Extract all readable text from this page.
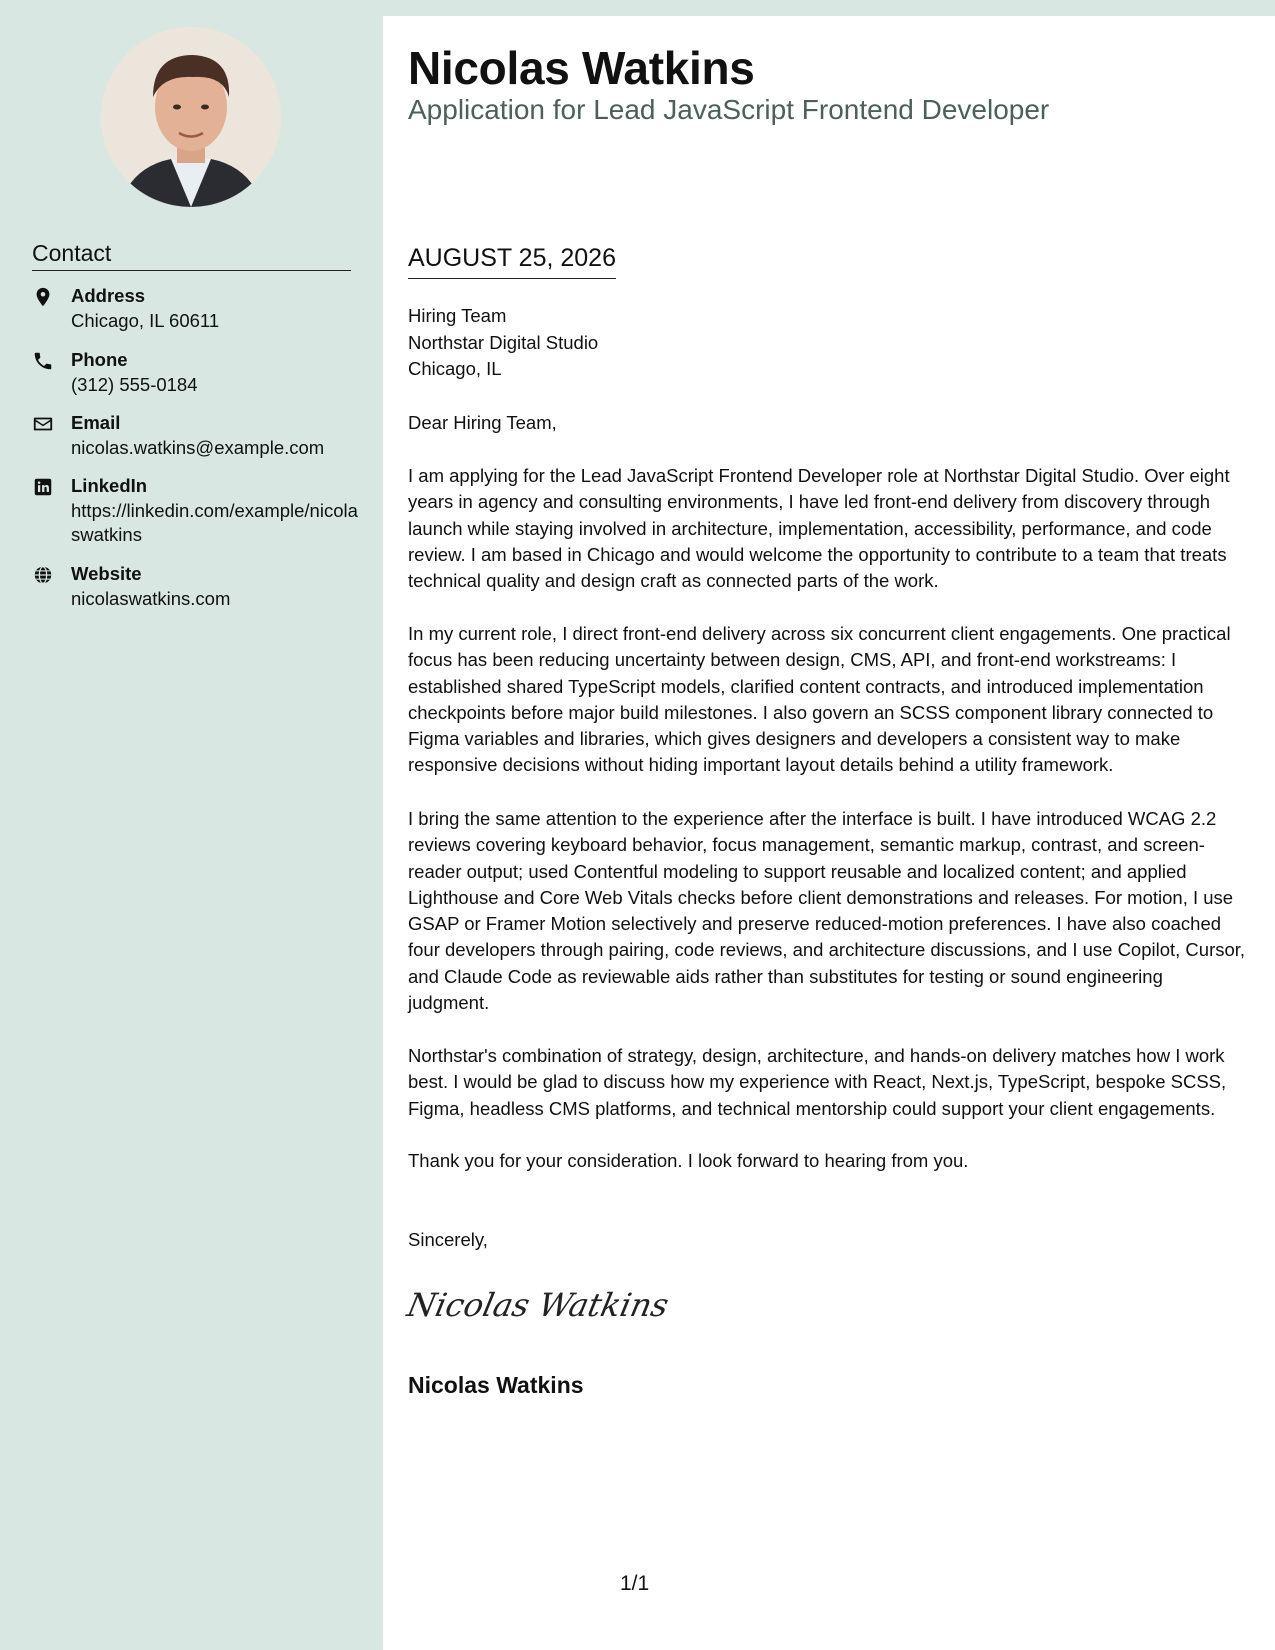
Contact
Address
Chicago, IL 60611
Phone
(312) 555-0184
Email
nicolas.watkins@example.com
LinkedIn
https://linkedin.com/example/nicolaswatkins
Website
nicolaswatkins.com
Nicolas Watkins

Application for Lead JavaScript Frontend Developer

AUGUST 25, 2026
Hiring Team
Northstar Digital Studio
Chicago, IL

Dear Hiring Team,

I am applying for the Lead JavaScript Frontend Developer role at Northstar Digital Studio. Over eight years in agency and consulting environments, I have led front-end delivery from discovery through launch while staying involved in architecture, implementation, accessibility, performance, and code review. I am based in Chicago and would welcome the opportunity to contribute to a team that treats technical quality and design craft as connected parts of the work.

In my current role, I direct front-end delivery across six concurrent client engagements. One practical focus has been reducing uncertainty between design, CMS, API, and front-end workstreams: I established shared TypeScript models, clarified content contracts, and introduced implementation checkpoints before major build milestones. I also govern an SCSS component library connected to Figma variables and libraries, which gives designers and developers a consistent way to make responsive decisions without hiding important layout details behind a utility framework.

I bring the same attention to the experience after the interface is built. I have introduced WCAG 2.2 reviews covering keyboard behavior, focus management, semantic markup, contrast, and screen-reader output; used Contentful modeling to support reusable and localized content; and applied Lighthouse and Core Web Vitals checks before client demonstrations and releases. For motion, I use GSAP or Framer Motion selectively and preserve reduced-motion preferences. I have also coached four developers through pairing, code reviews, and architecture discussions, and I use Copilot, Cursor, and Claude Code as reviewable aids rather than substitutes for testing or sound engineering judgment.

Northstar's combination of strategy, design, architecture, and hands-on delivery matches how I work best. I would be glad to discuss how my experience with React, Next.js, TypeScript, bespoke SCSS, Figma, headless CMS platforms, and technical mentorship could support your client engagements.

Thank you for your consideration. I look forward to hearing from you.

Sincerely,

Nicolas Watkins

Nicolas Watkins

1/1
